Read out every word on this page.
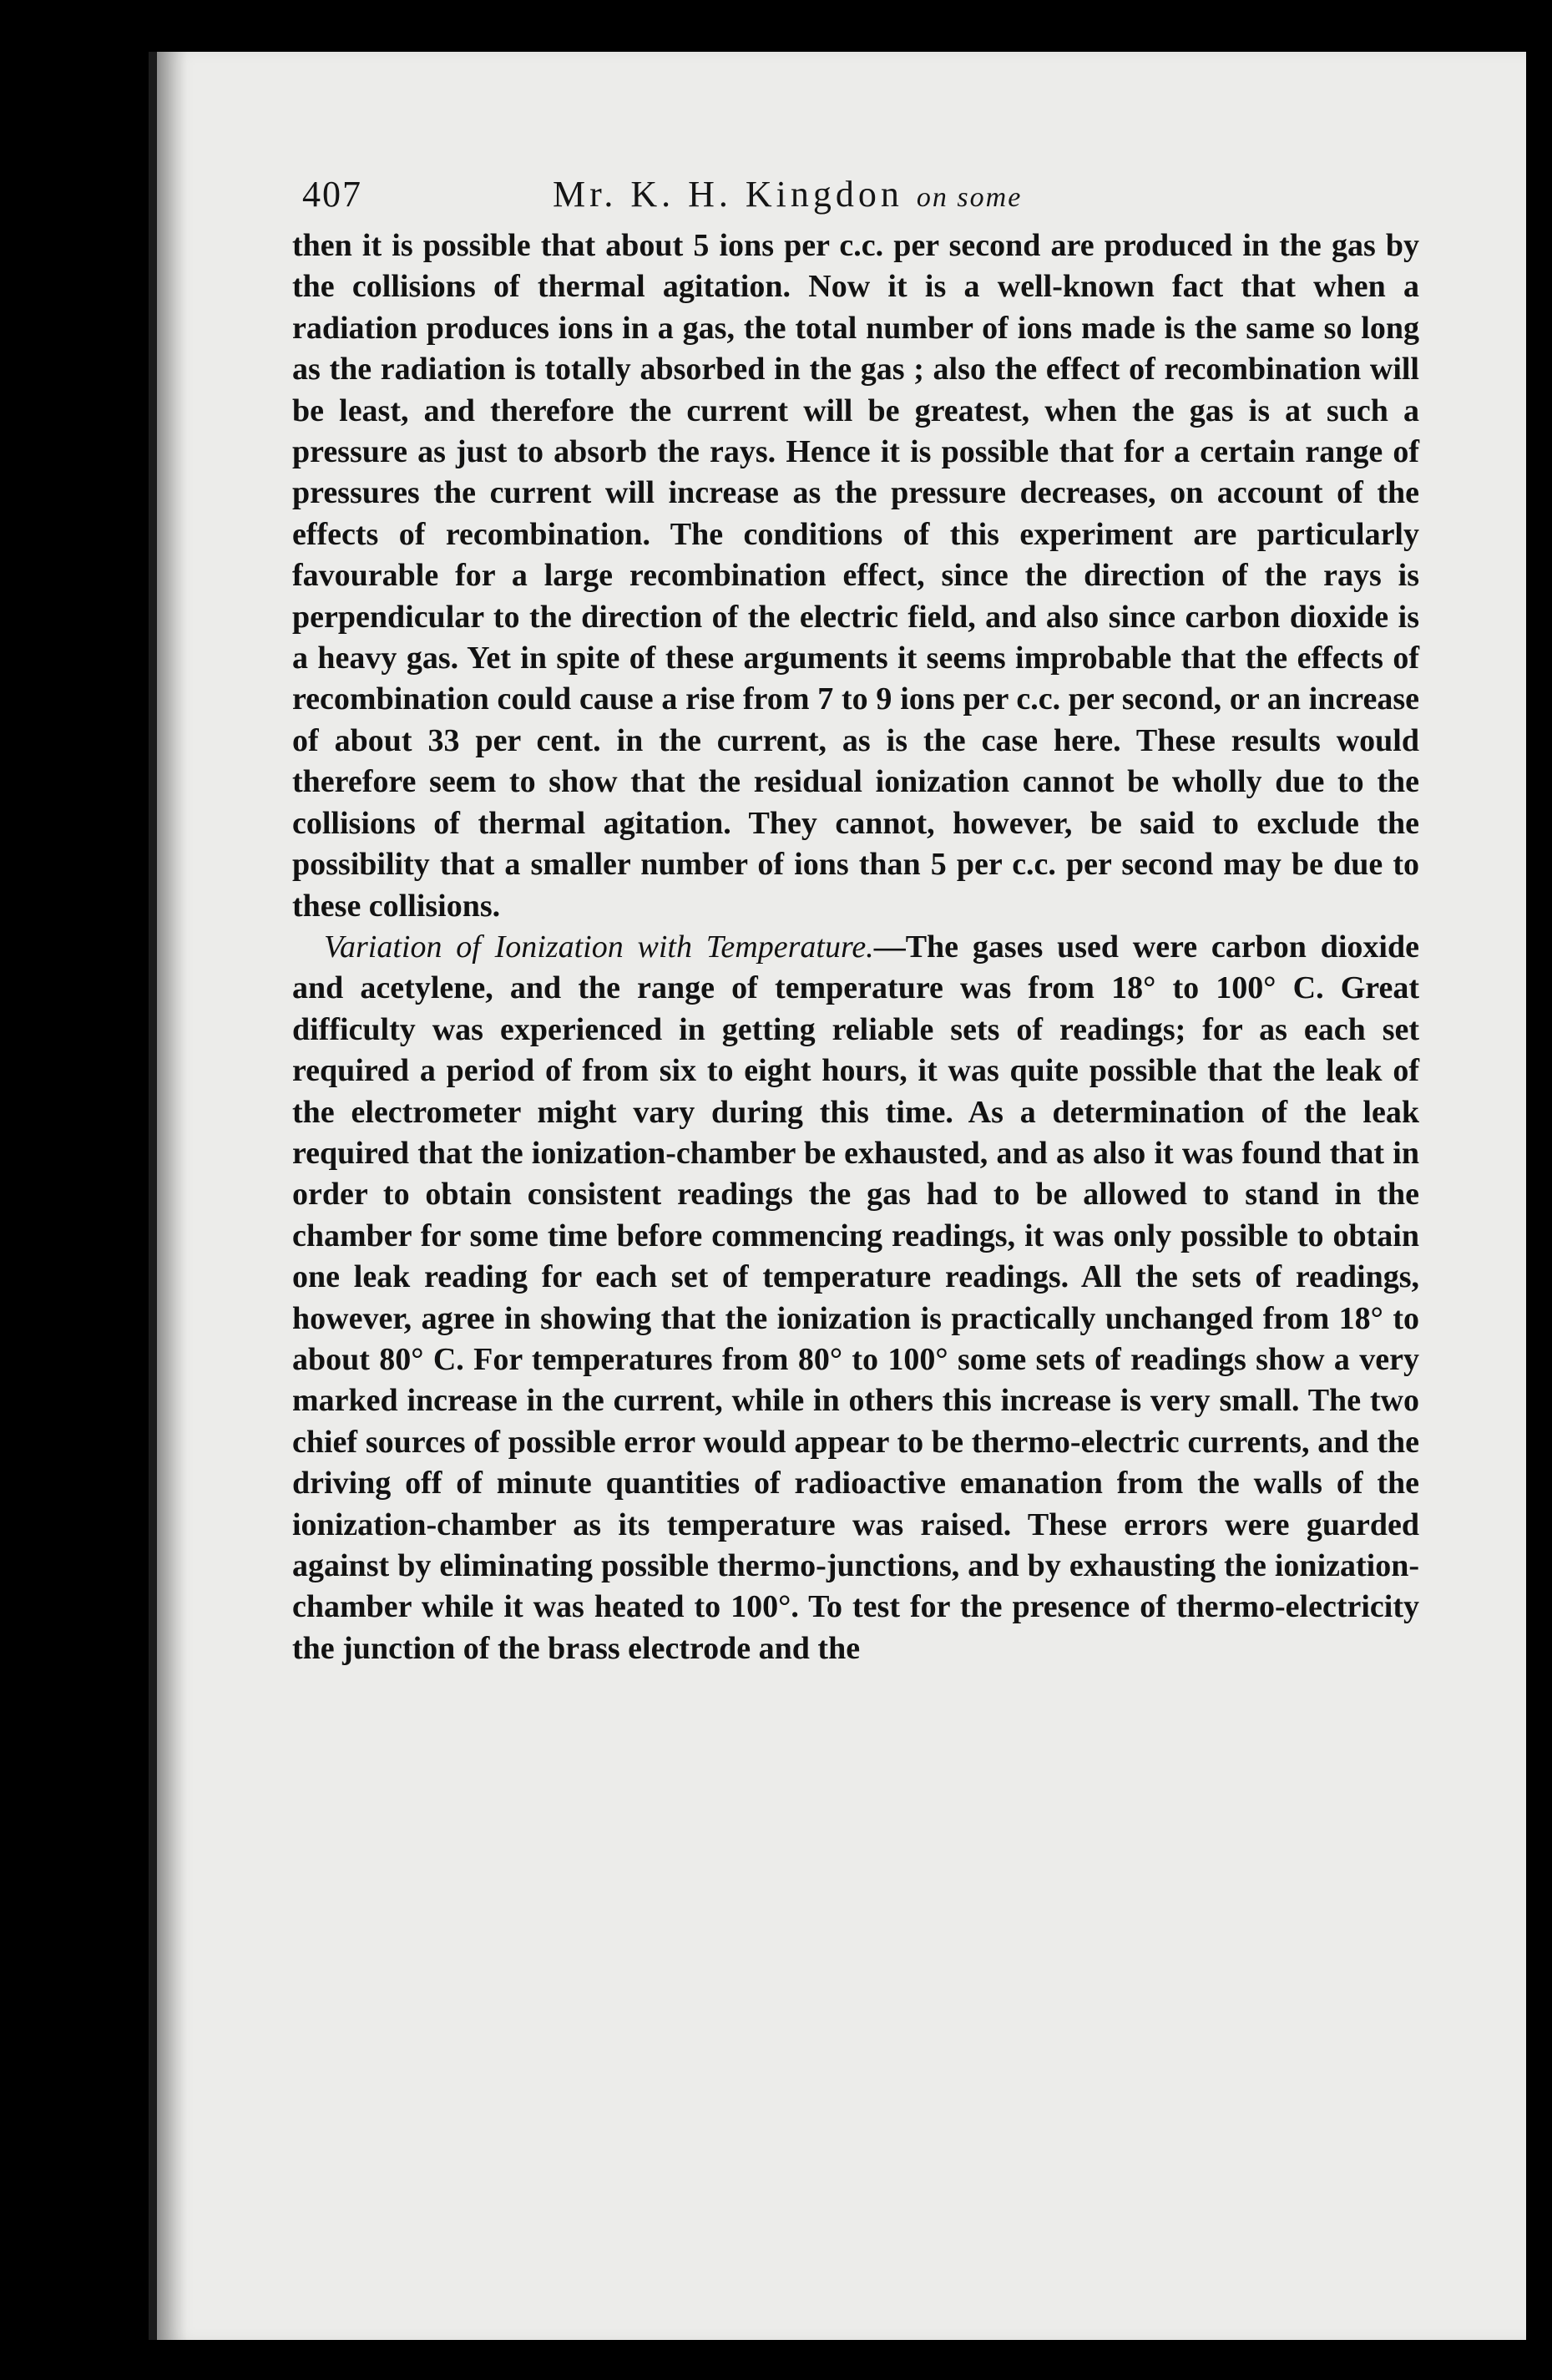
407	Mr. K. H. Kingdon on some

then it is possible that about 5 ions per c.c. per second are produced in the gas by the collisions of thermal agitation. Now it is a well-known fact that when a radiation produces ions in a gas, the total number of ions made is the same so long as the radiation is totally absorbed in the gas ; also the effect of recombination will be least, and therefore the current will be greatest, when the gas is at such a pressure as just to absorb the rays. Hence it is possible that for a certain range of pressures the current will increase as the pressure decreases, on account of the effects of recombination. The conditions of this experiment are particularly favourable for a large recombination effect, since the direction of the rays is perpendicular to the direction of the electric field, and also since carbon dioxide is a heavy gas. Yet in spite of these arguments it seems improbable that the effects of recombination could cause a rise from 7 to 9 ions per c.c. per second, or an increase of about 33 per cent. in the current, as is the case here. These results would therefore seem to show that the residual ionization cannot be wholly due to the collisions of thermal agitation. They cannot, however, be said to exclude the possibility that a smaller number of ions than 5 per c.c. per second may be due to these collisions.

Variation of Ionization with Temperature.—The gases used were carbon dioxide and acetylene, and the range of temperature was from 18° to 100° C. Great difficulty was experienced in getting reliable sets of readings; for as each set required a period of from six to eight hours, it was quite possible that the leak of the electrometer might vary during this time. As a determination of the leak required that the ionization-chamber be exhausted, and as also it was found that in order to obtain consistent readings the gas had to be allowed to stand in the chamber for some time before commencing readings, it was only possible to obtain one leak reading for each set of temperature readings. All the sets of readings, however, agree in showing that the ionization is practically unchanged from 18° to about 80° C. For temperatures from 80° to 100° some sets of readings show a very marked increase in the current, while in others this increase is very small. The two chief sources of possible error would appear to be thermo-electric currents, and the driving off of minute quantities of radioactive emanation from the walls of the ionization-chamber as its temperature was raised. These errors were guarded against by eliminating possible thermo-junctions, and by exhausting the ionization-chamber while it was heated to 100°. To test for the presence of thermo-electricity the junction of the brass electrode and the
